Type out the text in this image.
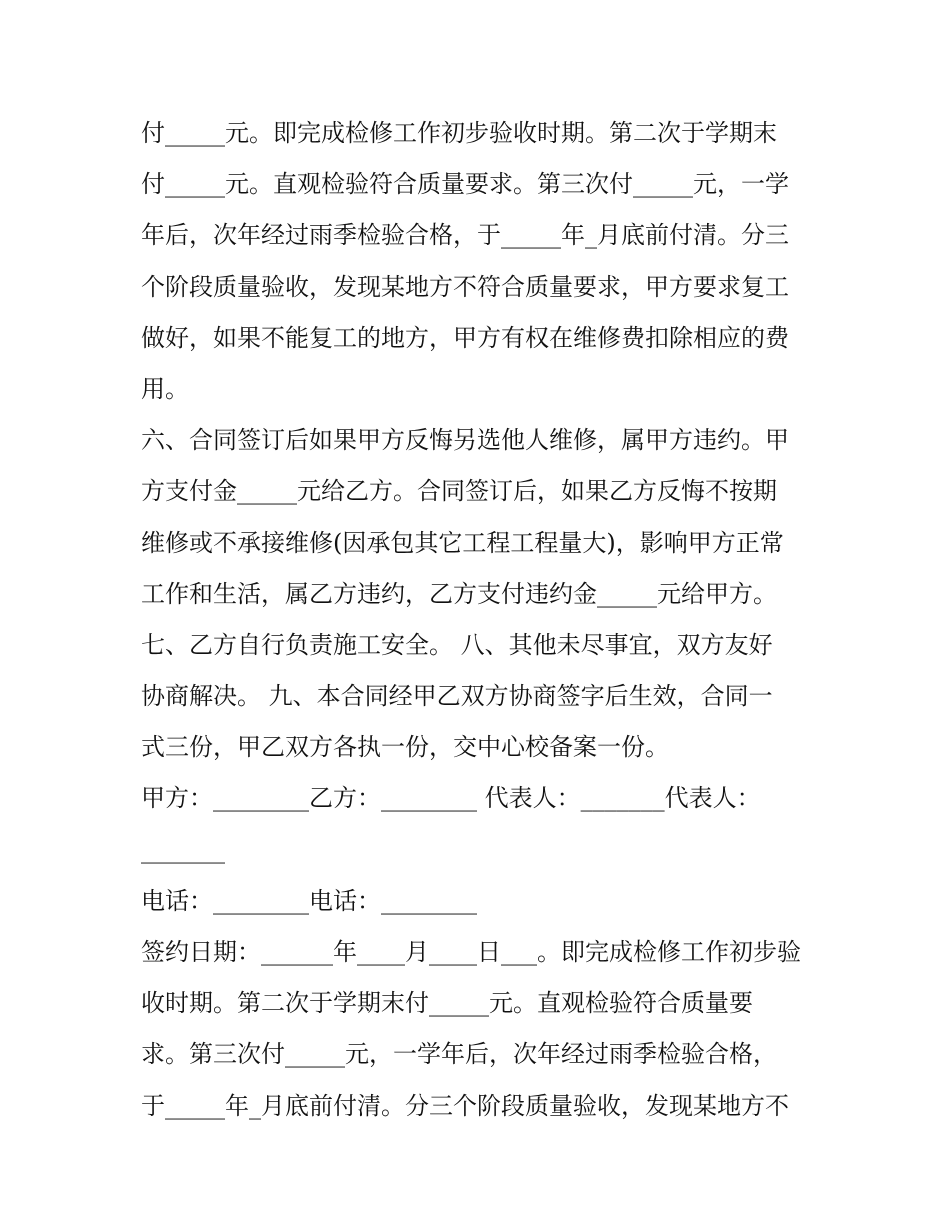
付_____元。即完成检修工作初步验收时期。第二次于学期末
付_____元。直观检验符合质量要求。第三次付_____元，一学
年后，次年经过雨季检验合格，于_____年_月底前付清。分三
个阶段质量验收，发现某地方不符合质量要求，甲方要求复工
做好，如果不能复工的地方，甲方有权在维修费扣除相应的费
用。
六、合同签订后如果甲方反悔另选他人维修，属甲方违约。甲
方支付金_____元给乙方。合同签订后，如果乙方反悔不按期
维修或不承接维修(因承包其它工程工程量大)，影响甲方正常
工作和生活，属乙方违约，乙方支付违约金_____元给甲方。
七、乙方自行负责施工安全。 八、其他未尽事宜，双方友好
协商解决。 九、本合同经甲乙双方协商签字后生效，合同一
式三份，甲乙双方各执一份，交中心校备案一份。
甲方：________乙方：________ 代表人：_______代表人：
_______
电话：________电话：________
签约日期：______年____月____日___。即完成检修工作初步验
收时期。第二次于学期末付_____元。直观检验符合质量要
求。第三次付_____元，一学年后，次年经过雨季检验合格，
于_____年_月底前付清。分三个阶段质量验收，发现某地方不
